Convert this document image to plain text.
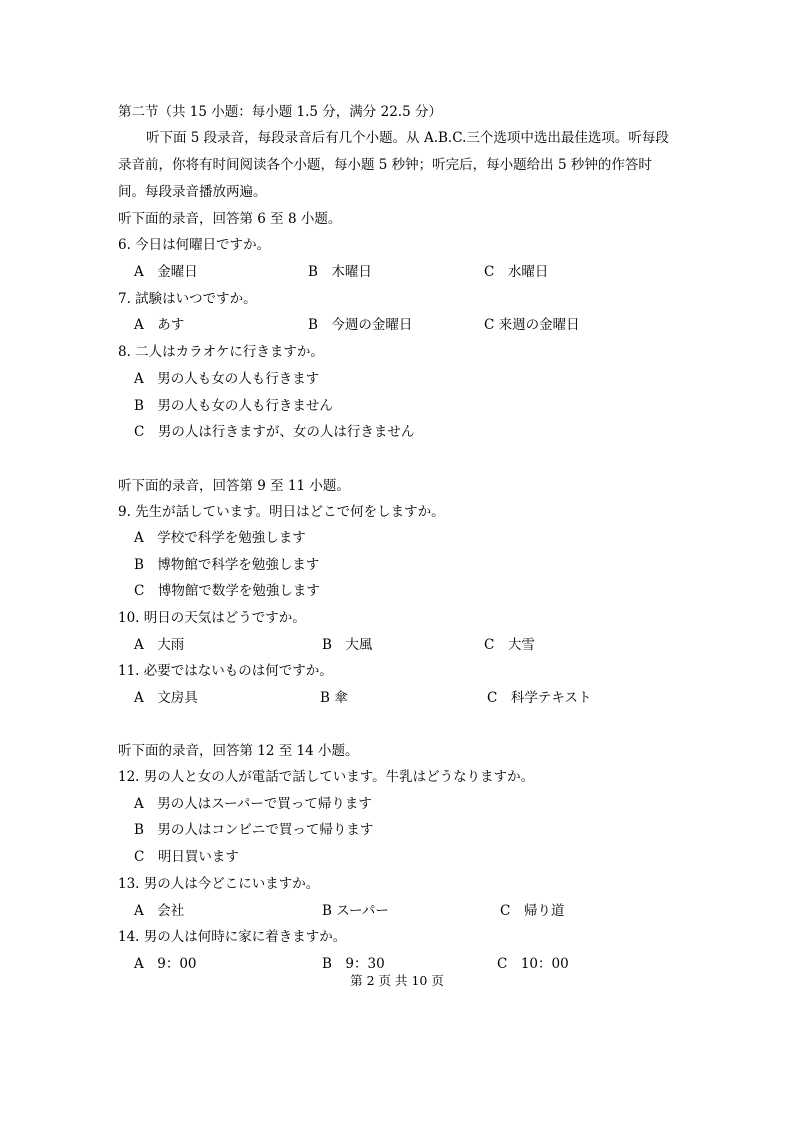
第二节（共 15 小题：每小题 1.5 分，满分 22.5 分）
听下面 5 段录音，每段录音后有几个小题。从 A.B.C.三个选项中选出最佳选项。听每段录音前，你将有时间阅读各个小题，每小题 5 秒钟；听完后，每小题给出 5 秒钟的作答时间。每段录音播放两遍。
听下面的录音，回答第 6 至 8 小题。
6. 今日は何曜日ですか。
A　金曜日	B　木曜日	C　水曜日
7. 試験はいつですか。
A　あす	B　今週の金曜日	C 来週の金曜日
8. 二人はカラオケに行きますか。
A　男の人も女の人も行きます
B　男の人も女の人も行きません
C　男の人は行きますが、女の人は行きません
听下面的录音，回答第 9 至 11 小题。
9. 先生が話しています。明日はどこで何をしますか。
A　学校で科学を勉強します
B　博物館で科学を勉強します
C　博物館で数学を勉強します
10. 明日の天気はどうですか。
A　大雨	B　大風	C　大雪
11. 必要ではないものは何ですか。
A　文房具	B 傘	C　科学テキスト
听下面的录音，回答第 12 至 14 小题。
12. 男の人と女の人が電話で話しています。牛乳はどうなりますか。
A　男の人はスーパーで買って帰ります
B　男の人はコンビニで買って帰ります
C　明日買います
13. 男の人は今どこにいますか。
A　会社	B スーパー	C　帰り道
14. 男の人は何時に家に着きますか。
A　9：00	B　9：30	C　10：00
第 2 页 共 10 页
